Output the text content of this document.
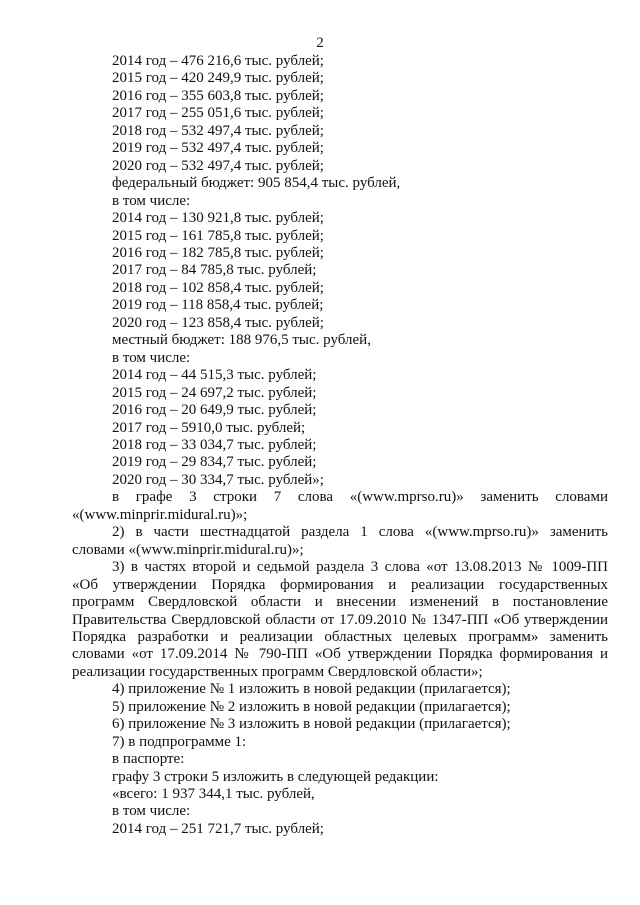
2
2014 год – 476 216,6 тыс. рублей;
2015 год – 420 249,9 тыс. рублей;
2016 год – 355 603,8 тыс. рублей;
2017 год – 255 051,6 тыс. рублей;
2018 год – 532 497,4 тыс. рублей;
2019 год – 532 497,4 тыс. рублей;
2020 год – 532 497,4 тыс. рублей;
федеральный бюджет: 905 854,4 тыс. рублей,
в том числе:
2014 год – 130 921,8 тыс. рублей;
2015 год – 161 785,8 тыс. рублей;
2016 год – 182 785,8 тыс. рублей;
2017 год – 84 785,8 тыс. рублей;
2018 год – 102 858,4 тыс. рублей;
2019 год – 118 858,4 тыс. рублей;
2020 год – 123 858,4 тыс. рублей;
местный бюджет: 188 976,5 тыс. рублей,
в том числе:
2014 год – 44 515,3 тыс. рублей;
2015 год – 24 697,2 тыс. рублей;
2016 год – 20 649,9 тыс. рублей;
2017 год – 5910,0 тыс. рублей;
2018 год – 33 034,7 тыс. рублей;
2019 год – 29 834,7 тыс. рублей;
2020 год – 30 334,7 тыс. рублей»;
в графе 3 строки 7 слова «(www.mprso.ru)» заменить словами
«(www.minprir.midural.ru)»;
2) в части шестнадцатой раздела 1 слова «(www.mprso.ru)» заменить
словами «(www.minprir.midural.ru)»;
3) в частях второй и седьмой раздела 3 слова «от 13.08.2013 № 1009-ПП
«Об утверждении Порядка формирования и реализации государственных
программ Свердловской области и внесении изменений в постановление
Правительства Свердловской области от 17.09.2010 № 1347-ПП «Об утверждении
Порядка разработки и реализации областных целевых программ» заменить
словами «от 17.09.2014 № 790-ПП «Об утверждении Порядка формирования и
реализации государственных программ Свердловской области»;
4) приложение № 1 изложить в новой редакции (прилагается);
5) приложение № 2 изложить в новой редакции (прилагается);
6) приложение № 3 изложить в новой редакции (прилагается);
7) в подпрограмме 1:
в паспорте:
графу 3 строки 5 изложить в следующей редакции:
«всего: 1 937 344,1 тыс. рублей,
в том числе:
2014 год – 251 721,7 тыс. рублей;
